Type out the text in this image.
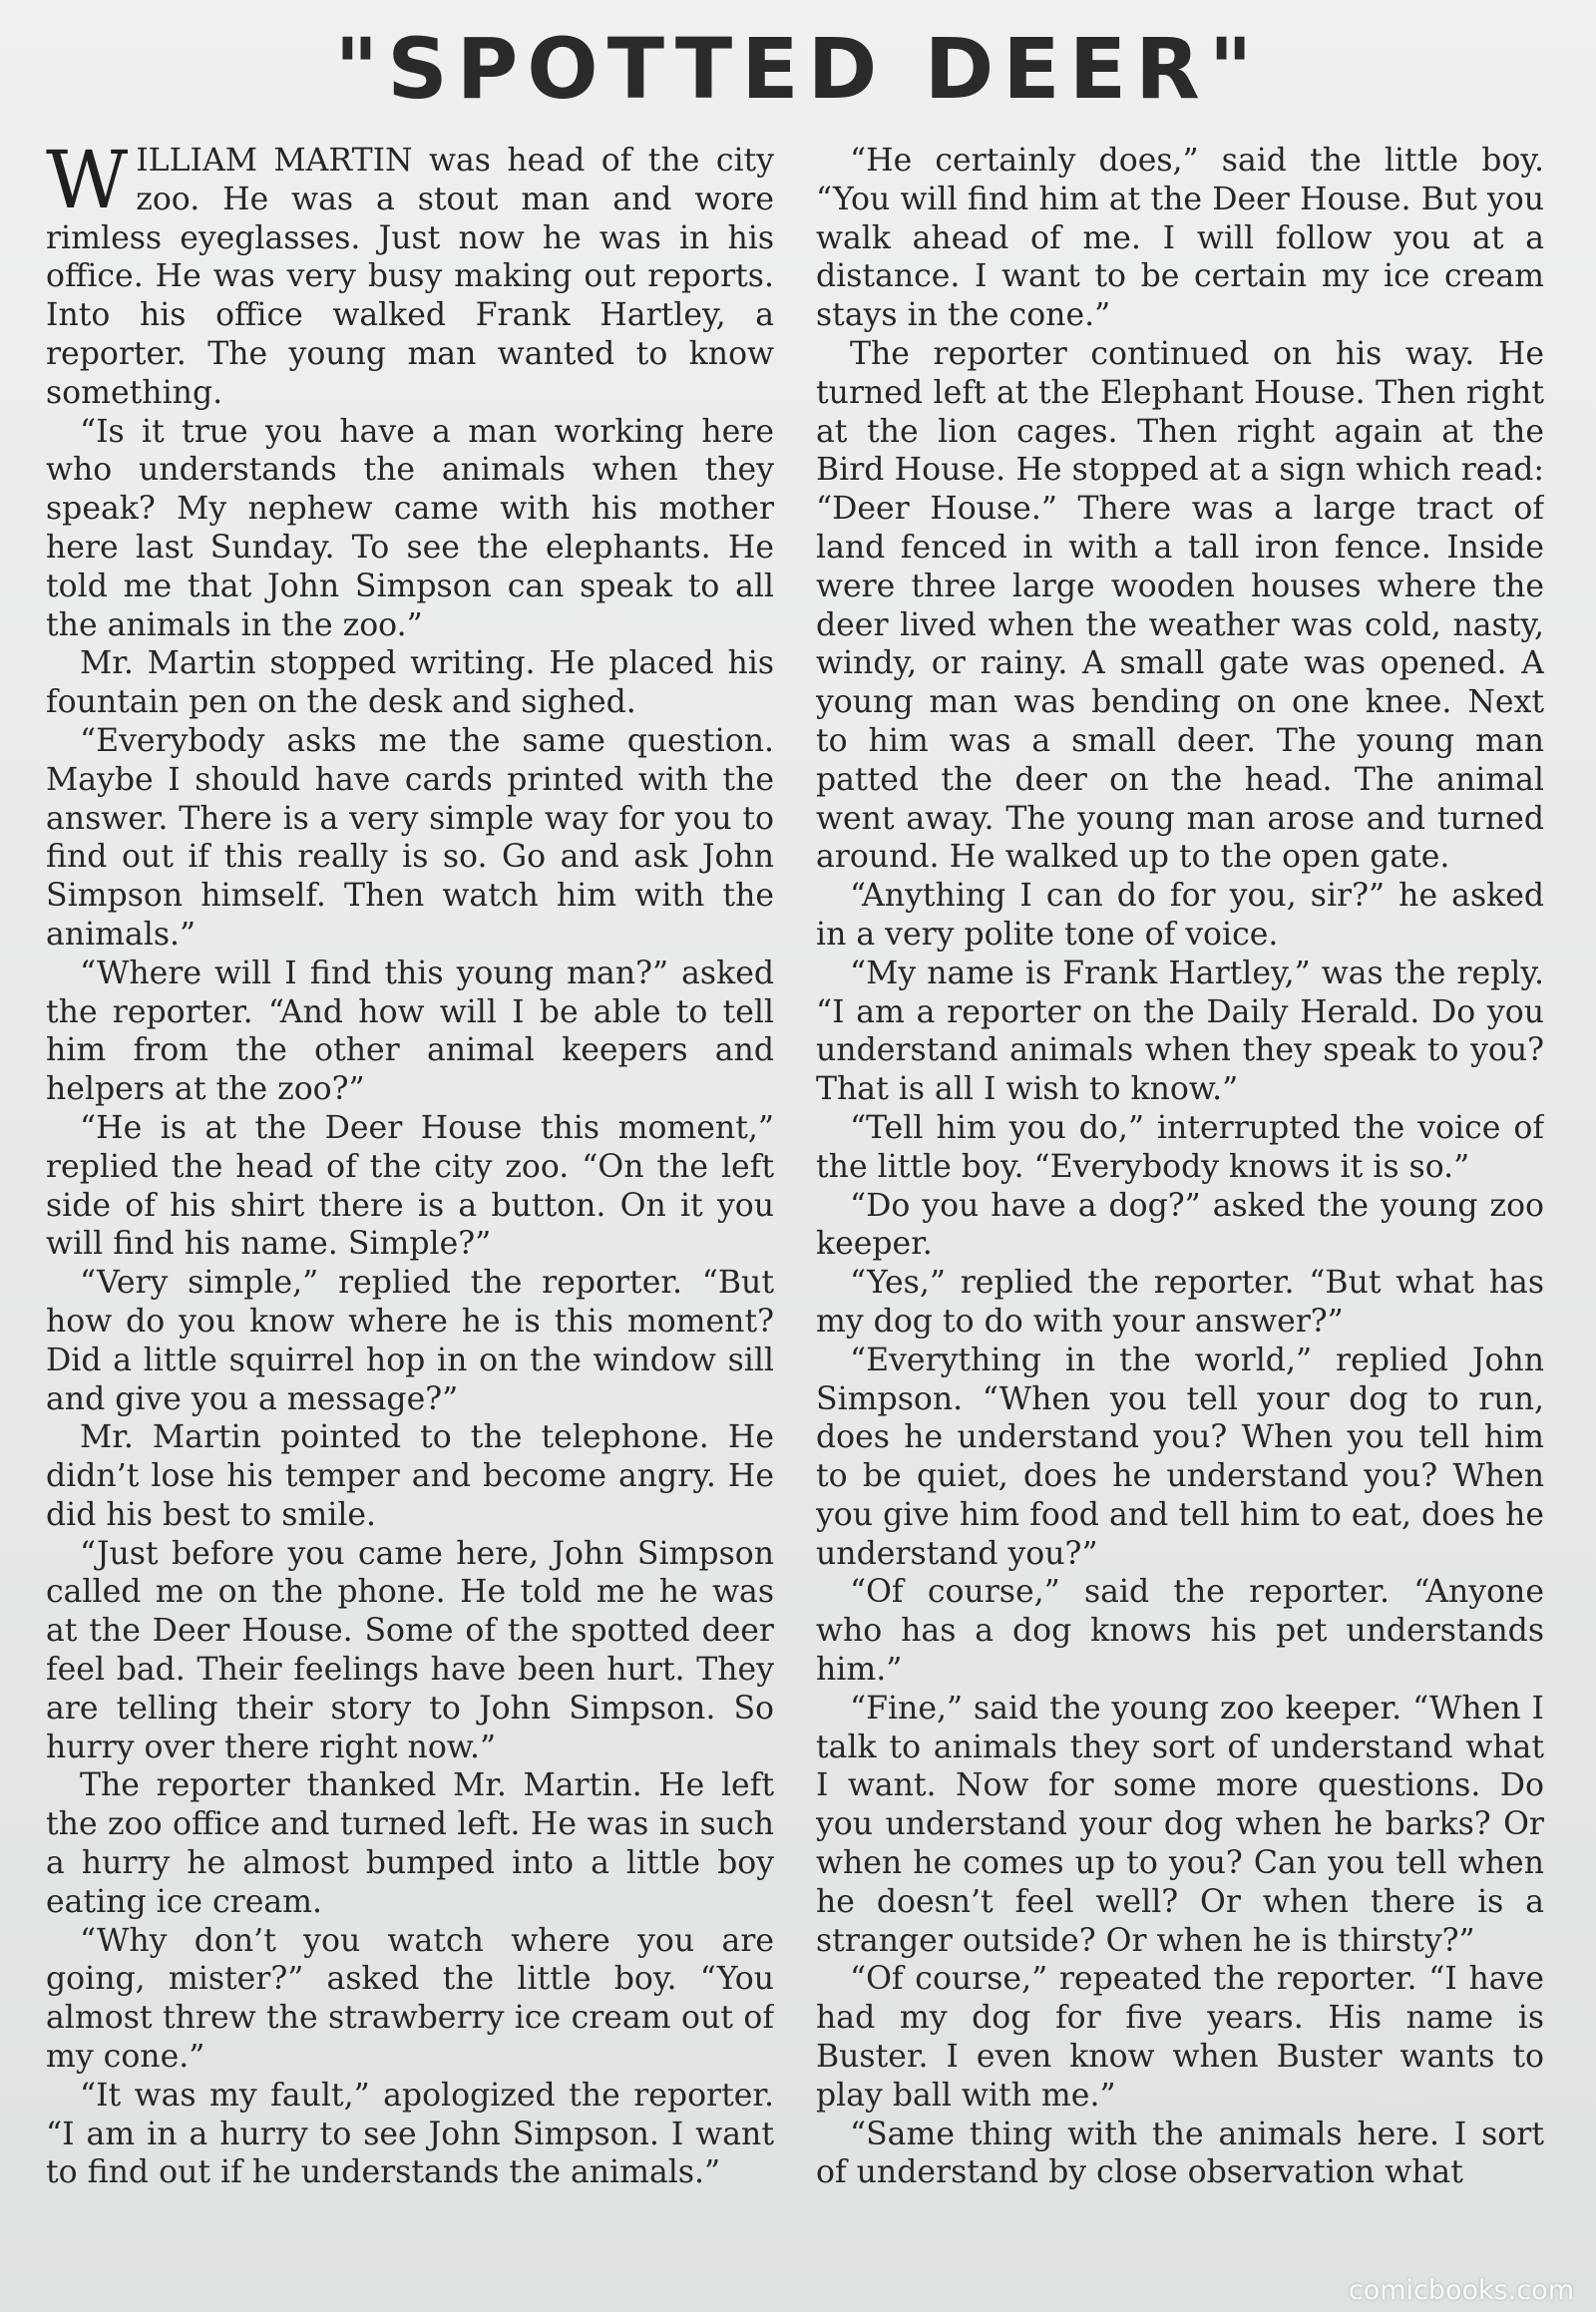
"SPOTTED DEER"

WILLIAM MARTIN was head of the city zoo. He was a stout man and wore rimless eyeglasses. Just now he was in his office. He was very busy making out reports. Into his office walked Frank Hartley, a reporter. The young man wanted to know something.

“Is it true you have a man working here who understands the animals when they speak? My nephew came with his mother here last Sunday. To see the elephants. He told me that John Simpson can speak to all the animals in the zoo.”

Mr. Martin stopped writing. He placed his fountain pen on the desk and sighed.

“Everybody asks me the same question. Maybe I should have cards printed with the answer. There is a very simple way for you to find out if this really is so. Go and ask John Simpson himself. Then watch him with the animals.”

“Where will I find this young man?” asked the reporter. “And how will I be able to tell him from the other animal keepers and helpers at the zoo?”

“He is at the Deer House this moment,” replied the head of the city zoo. “On the left side of his shirt there is a button. On it you will find his name. Simple?”

“Very simple,” replied the reporter. “But how do you know where he is this moment? Did a little squirrel hop in on the window sill and give you a message?”

Mr. Martin pointed to the telephone. He didn’t lose his temper and become angry. He did his best to smile.

“Just before you came here, John Simpson called me on the phone. He told me he was at the Deer House. Some of the spotted deer feel bad. Their feelings have been hurt. They are telling their story to John Simpson. So hurry over there right now.”

The reporter thanked Mr. Martin. He left the zoo office and turned left. He was in such a hurry he almost bumped into a little boy eating ice cream.

“Why don’t you watch where you are going, mister?” asked the little boy. “You almost threw the strawberry ice cream out of my cone.”

“It was my fault,” apologized the reporter. “I am in a hurry to see John Simpson. I want to find out if he understands the animals.”

“He certainly does,” said the little boy. “You will find him at the Deer House. But you walk ahead of me. I will follow you at a distance. I want to be certain my ice cream stays in the cone.”

The reporter continued on his way. He turned left at the Elephant House. Then right at the lion cages. Then right again at the Bird House. He stopped at a sign which read: “Deer House.” There was a large tract of land fenced in with a tall iron fence. Inside were three large wooden houses where the deer lived when the weather was cold, nasty, windy, or rainy. A small gate was opened. A young man was bending on one knee. Next to him was a small deer. The young man patted the deer on the head. The animal went away. The young man arose and turned around. He walked up to the open gate.

“Anything I can do for you, sir?” he asked in a very polite tone of voice.

“My name is Frank Hartley,” was the reply. “I am a reporter on the Daily Herald. Do you understand animals when they speak to you? That is all I wish to know.”

“Tell him you do,” interrupted the voice of the little boy. “Everybody knows it is so.”

“Do you have a dog?” asked the young zoo keeper.

“Yes,” replied the reporter. “But what has my dog to do with your answer?”

“Everything in the world,” replied John Simpson. “When you tell your dog to run, does he understand you? When you tell him to be quiet, does he understand you? When you give him food and tell him to eat, does he understand you?”

“Of course,” said the reporter. “Anyone who has a dog knows his pet understands him.”

“Fine,” said the young zoo keeper. “When I talk to animals they sort of understand what I want. Now for some more questions. Do you understand your dog when he barks? Or when he comes up to you? Can you tell when he doesn’t feel well? Or when there is a stranger outside? Or when he is thirsty?”

“Of course,” repeated the reporter. “I have had my dog for five years. His name is Buster. I even know when Buster wants to play ball with me.”

“Same thing with the animals here. I sort of understand by close observation what

comicbooks.com
